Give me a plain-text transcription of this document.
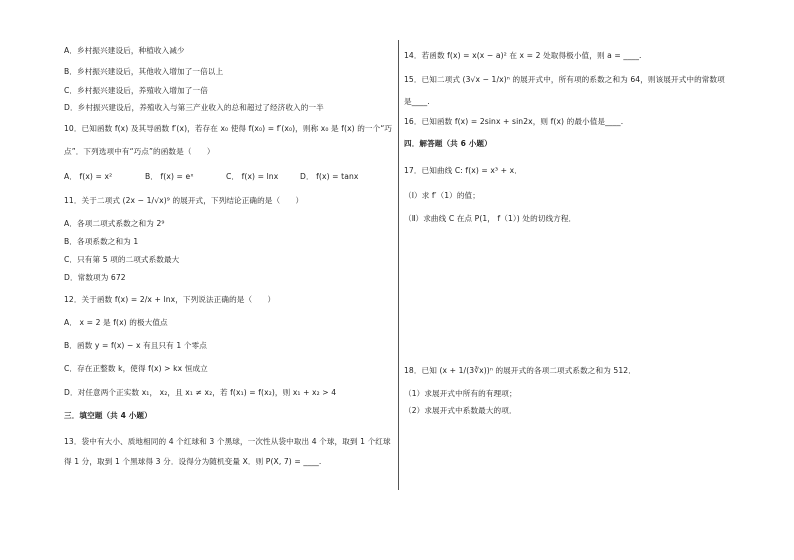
A．乡村振兴建设后，种植收入减少
B．乡村振兴建设后，其他收入增加了一倍以上
C．乡村振兴建设后，养殖收入增加了一倍
D．乡村振兴建设后，养殖收入与第三产业收入的总和超过了经济收入的一半
10．已知函数 f(x) 及其导函数 f′(x)，若存在 x₀ 使得 f(x₀) = f′(x₀)，则称 x₀ 是 f(x) 的一个“巧
点”．下列选项中有“巧点”的函数是（　　）
A． f(x) = x²	B． f(x) = eˣ	C． f(x) = lnx	D． f(x) = tanx
11．关于二项式 (2x − 1/√x)⁹ 的展开式，下列结论正确的是（　　）
A．各项二项式系数之和为 2⁹
B．各项系数之和为 1
C．只有第 5 项的二项式系数最大
D．常数项为 672
12．关于函数 f(x) = 2/x + lnx，下列说法正确的是（　　）
A． x = 2 是 f(x) 的极大值点
B．函数 y = f(x) − x 有且只有 1 个零点
C．存在正整数 k，使得 f(x) > kx 恒成立
D．对任意两个正实数 x₁， x₂，且 x₁ ≠ x₂，若 f(x₁) = f(x₂)，则 x₁ + x₂ > 4
三．填空题（共 4 小题）
13．袋中有大小、质地相同的 4 个红球和 3 个黑球，一次性从袋中取出 4 个球，取到 1 个红球
得 1 分，取到 1 个黑球得 3 分．设得分为随机变量 X．则 P(X, 7) = ____.
14．若函数 f(x) = x(x − a)² 在 x = 2 处取得极小值，则 a = ____.
15．已知二项式 (3√x − 1/x)ⁿ 的展开式中，所有项的系数之和为 64，则该展开式中的常数项
是____.
16．已知函数 f(x) = 2sinx + sin2x，则 f(x) 的最小值是____.
四．解答题（共 6 小题）
17．已知曲线 C: f(x) = x³ + x．
（Ⅰ）求 f′（1）的值；
（Ⅱ）求曲线 C 在点 P(1， f（1）) 处的切线方程．
18．已知 (x + 1/(3∛x))ⁿ 的展开式的各项二项式系数之和为 512．
（1）求展开式中所有的有理项；
（2）求展开式中系数最大的项．
